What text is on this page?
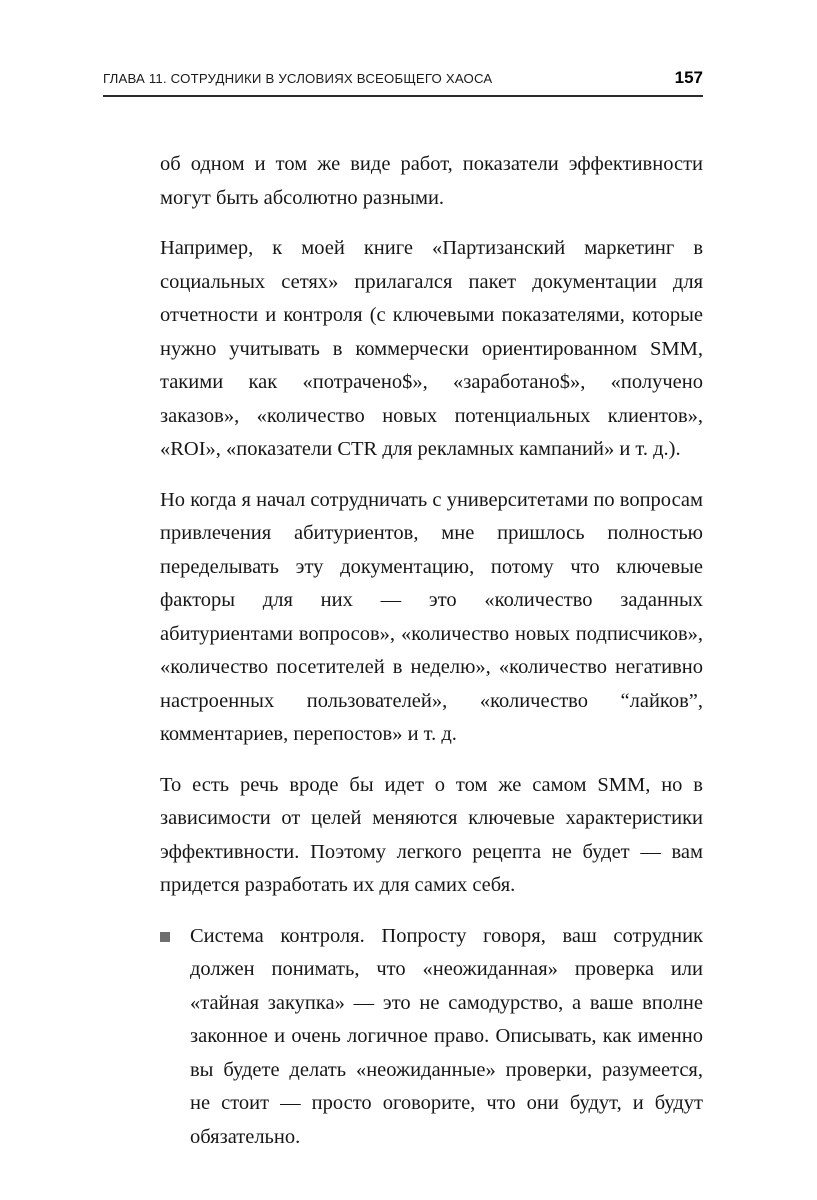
ГЛАВА 11. СОТРУДНИКИ В УСЛОВИЯХ ВСЕОБЩЕГО ХАОСА	157

об одном и том же виде работ, показатели эффективности могут быть абсолютно разными.

Например, к моей книге «Партизанский маркетинг в социальных сетях» прилагался пакет документации для отчетности и контроля (с ключевыми показателями, которые нужно учитывать в коммерчески ориентированном SMM, такими как «потрачено$», «заработано$», «получено заказов», «количество новых потенциальных клиентов», «ROI», «показатели CTR для рекламных кампаний» и т. д.).

Но когда я начал сотрудничать с университетами по вопросам привлечения абитуриентов, мне пришлось полностью переделывать эту документацию, потому что ключевые факторы для них — это «количество заданных абитуриентами вопросов», «количество новых подписчиков», «количество посетителей в неделю», «количество негативно настроенных пользователей», «количество “лайков”, комментариев, перепостов» и т. д.

То есть речь вроде бы идет о том же самом SMM, но в зависимости от целей меняются ключевые характеристики эффективности. Поэтому легкого рецепта не будет — вам придется разработать их для самих себя.

Система контроля. Попросту говоря, ваш сотрудник должен понимать, что «неожиданная» проверка или «тайная закупка» — это не самодурство, а ваше вполне законное и очень логичное право. Описывать, как именно вы будете делать «неожиданные» проверки, разумеется, не стоит — просто оговорите, что они будут, и будут обязательно.
